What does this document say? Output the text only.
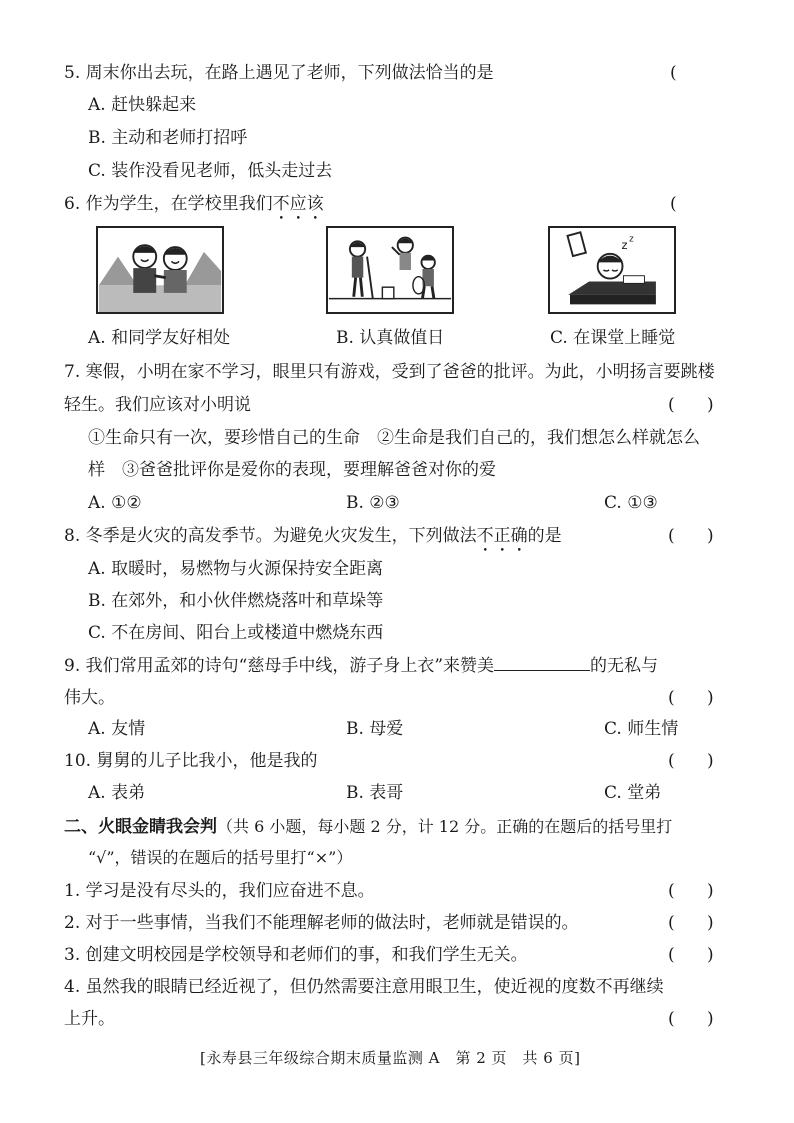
5. 周末你出去玩，在路上遇见了老师，下列做法恰当的是	(
A. 赶快躲起来
B. 主动和老师打招呼
C. 装作没看见老师，低头走过去
6. 作为学生，在学校里我们不应该	(
z z
A. 和同学友好相处	B. 认真做值日	C. 在课堂上睡觉
7. 寒假，小明在家不学习，眼里只有游戏，受到了爸爸的批评。为此，小明扬言要跳楼
轻生。我们应该对小明说	(      )
①生命只有一次，要珍惜自己的生命　②生命是我们自己的，我们想怎么样就怎么
样　③爸爸批评你是爱你的表现，要理解爸爸对你的爱
A. ①②	B. ②③	C. ①③
8. 冬季是火灾的高发季节。为避免火灾发生，下列做法不正确的是	(      )
A. 取暖时，易燃物与火源保持安全距离
B. 在郊外，和小伙伴燃烧落叶和草垛等
C. 不在房间、阳台上或楼道中燃烧东西
9. 我们常用孟郊的诗句“慈母手中线，游子身上衣”来赞美	的无私与
伟大。	(      )
A. 友情	B. 母爱	C. 师生情
10. 舅舅的儿子比我小，他是我的	(      )
A. 表弟	B. 表哥	C. 堂弟
二、火眼金睛我会判（共 6 小题，每小题 2 分，计 12 分。正确的在题后的括号里打
“√”，错误的在题后的括号里打“×”）
1. 学习是没有尽头的，我们应奋进不息。	(      )
2. 对于一些事情，当我们不能理解老师的做法时，老师就是错误的。	(      )
3. 创建文明校园是学校领导和老师们的事，和我们学生无关。	(      )
4. 虽然我的眼睛已经近视了，但仍然需要注意用眼卫生，使近视的度数不再继续
上升。	(      )
[永寿县三年级综合期末质量监测 A　第 2 页　共 6 页]
